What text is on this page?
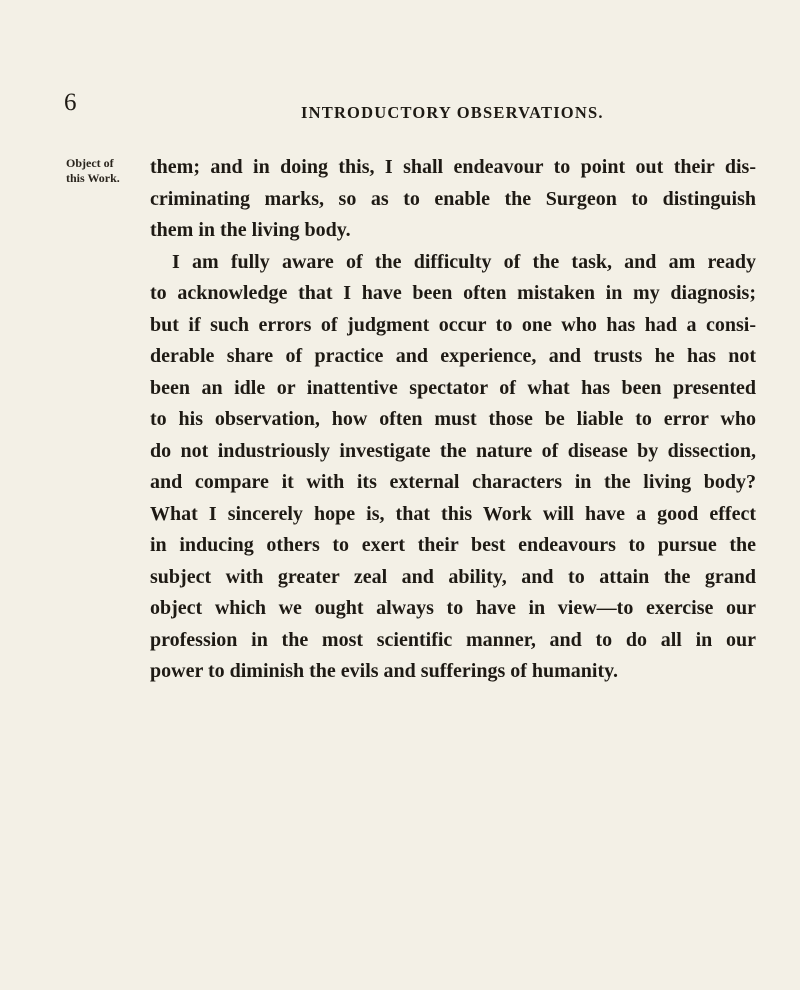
6	INTRODUCTORY OBSERVATIONS.
Object of
this Work.	them; and in doing this, I shall endeavour to point out their dis-
criminating marks, so as to enable the Surgeon to distinguish
them in the living body.
I am fully aware of the difficulty of the task, and am ready
to acknowledge that I have been often mistaken in my diagnosis;
but if such errors of judgment occur to one who has had a consi-
derable share of practice and experience, and trusts he has not
been an idle or inattentive spectator of what has been presented
to his observation, how often must those be liable to error who
do not industriously investigate the nature of disease by dissection,
and compare it with its external characters in the living body?
What I sincerely hope is, that this Work will have a good effect
in inducing others to exert their best endeavours to pursue the
subject with greater zeal and ability, and to attain the grand
object which we ought always to have in view—to exercise our
profession in the most scientific manner, and to do all in our
power to diminish the evils and sufferings of humanity.
